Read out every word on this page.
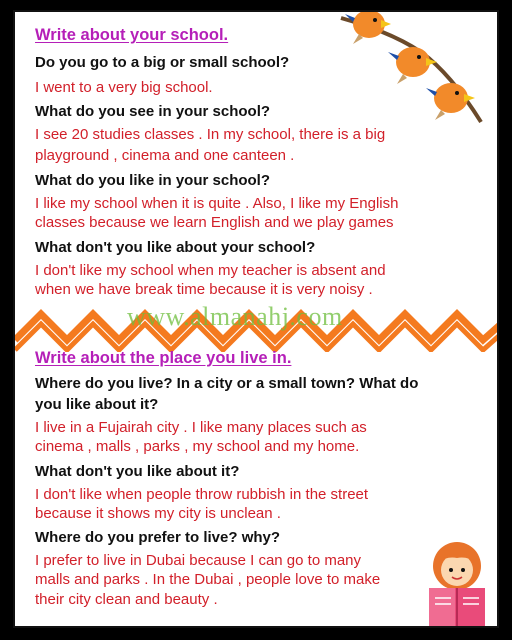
Write about your school.
Do you go to a big or small school?
I went to a very big school.
What do you see in your school?
I see 20 studies classes . In my school, there is a big
playground , cinema and one canteen .
What do you like in your school?
I like my school when it is quite . Also, I like my English
classes because we learn English and we play games
What don't you like about your school?
I don't like my school when my teacher is absent and
when we have break time because it is very noisy .
www.almanahj.com
Write about the place you live in.
Where do you live? In a city or a small town? What do
you like about it?
I live in a Fujairah city . I like many places such as
cinema , malls , parks , my school and my home.
What don't you like about it?
I don't like when people throw rubbish in the street
because it shows my city is unclean .
Where do you prefer to live? why?
I prefer to live in Dubai because I can go to many
malls and parks . In the Dubai , people love to make
their city clean and beauty .
